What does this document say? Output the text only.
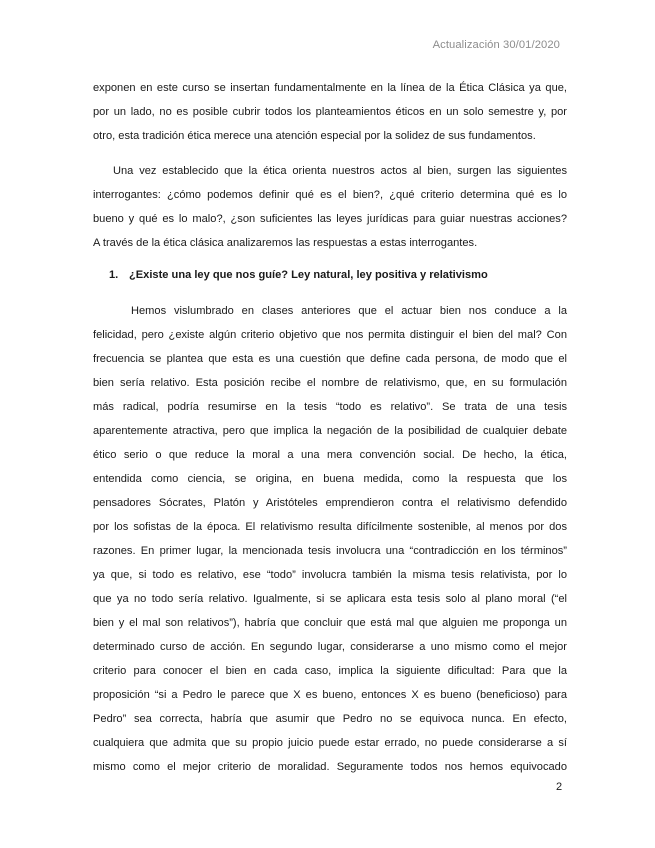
Actualización 30/01/2020
exponen en este curso se insertan fundamentalmente en la línea de la Ética Clásica ya que,
por un lado, no es posible cubrir todos los planteamientos éticos en un solo semestre y, por
otro, esta tradición ética merece una atención especial por la solidez de sus fundamentos.
Una vez establecido que la ética orienta nuestros actos al bien, surgen las siguientes
interrogantes: ¿cómo podemos definir qué es el bien?, ¿qué criterio determina qué es lo
bueno y qué es lo malo?, ¿son suficientes las leyes jurídicas para guiar nuestras acciones?
A través de la ética clásica analizaremos las respuestas a estas interrogantes.
1. ¿Existe una ley que nos guíe? Ley natural, ley positiva y relativismo
Hemos vislumbrado en clases anteriores que el actuar bien nos conduce a la
felicidad, pero ¿existe algún criterio objetivo que nos permita distinguir el bien del mal? Con
frecuencia se plantea que esta es una cuestión que define cada persona, de modo que el
bien sería relativo. Esta posición recibe el nombre de relativismo, que, en su formulación
más radical, podría resumirse en la tesis “todo es relativo”. Se trata de una tesis
aparentemente atractiva, pero que implica la negación de la posibilidad de cualquier debate
ético serio o que reduce la moral a una mera convención social. De hecho, la ética,
entendida como ciencia, se origina, en buena medida, como la respuesta que los
pensadores Sócrates, Platón y Aristóteles emprendieron contra el relativismo defendido
por los sofistas de la época. El relativismo resulta difícilmente sostenible, al menos por dos
razones. En primer lugar, la mencionada tesis involucra una “contradicción en los términos”
ya que, si todo es relativo, ese “todo” involucra también la misma tesis relativista, por lo
que ya no todo sería relativo. Igualmente, si se aplicara esta tesis solo al plano moral (“el
bien y el mal son relativos”), habría que concluir que está mal que alguien me proponga un
determinado curso de acción. En segundo lugar, considerarse a uno mismo como el mejor
criterio para conocer el bien en cada caso, implica la siguiente dificultad: Para que la
proposición “si a Pedro le parece que X es bueno, entonces X es bueno (beneficioso) para
Pedro” sea correcta, habría que asumir que Pedro no se equivoca nunca. En efecto,
cualquiera que admita que su propio juicio puede estar errado, no puede considerarse a sí
mismo como el mejor criterio de moralidad. Seguramente todos nos hemos equivocado
2
